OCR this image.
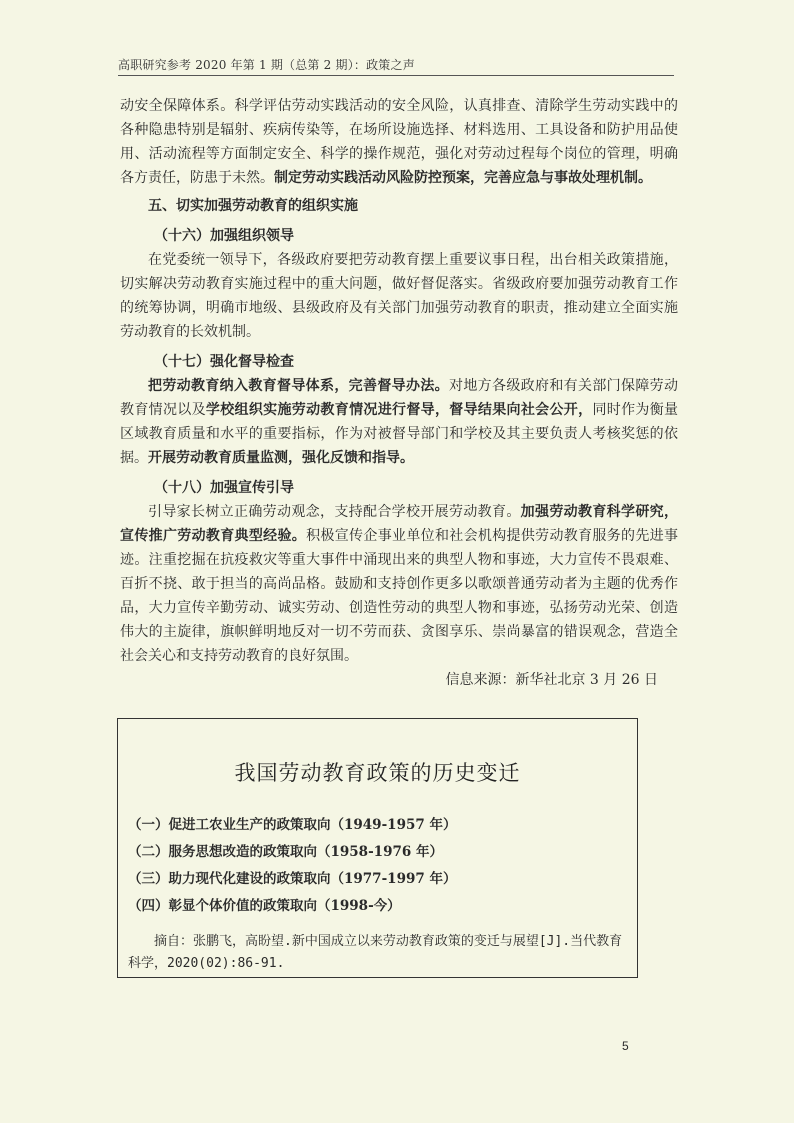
高职研究参考 2020 年第 1 期（总第 2 期）：政策之声

动安全保障体系。科学评估劳动实践活动的安全风险，认真排查、清除学生劳动实践中的各种隐患特别是辐射、疾病传染等，在场所设施选择、材料选用、工具设备和防护用品使用、活动流程等方面制定安全、科学的操作规范，强化对劳动过程每个岗位的管理，明确各方责任，防患于未然。制定劳动实践活动风险防控预案，完善应急与事故处理机制。

五、切实加强劳动教育的组织实施

（十六）加强组织领导

在党委统一领导下，各级政府要把劳动教育摆上重要议事日程，出台相关政策措施，切实解决劳动教育实施过程中的重大问题，做好督促落实。省级政府要加强劳动教育工作的统筹协调，明确市地级、县级政府及有关部门加强劳动教育的职责，推动建立全面实施劳动教育的长效机制。

（十七）强化督导检查

把劳动教育纳入教育督导体系，完善督导办法。对地方各级政府和有关部门保障劳动教育情况以及学校组织实施劳动教育情况进行督导，督导结果向社会公开，同时作为衡量区域教育质量和水平的重要指标，作为对被督导部门和学校及其主要负责人考核奖惩的依据。开展劳动教育质量监测，强化反馈和指导。

（十八）加强宣传引导

引导家长树立正确劳动观念，支持配合学校开展劳动教育。加强劳动教育科学研究，宣传推广劳动教育典型经验。积极宣传企事业单位和社会机构提供劳动教育服务的先进事迹。注重挖掘在抗疫救灾等重大事件中涌现出来的典型人物和事迹，大力宣传不畏艰难、百折不挠、敢于担当的高尚品格。鼓励和支持创作更多以歌颂普通劳动者为主题的优秀作品，大力宣传辛勤劳动、诚实劳动、创造性劳动的典型人物和事迹，弘扬劳动光荣、创造伟大的主旋律，旗帜鲜明地反对一切不劳而获、贪图享乐、崇尚暴富的错误观念，营造全社会关心和支持劳动教育的良好氛围。

信息来源：新华社北京 3 月 26 日

我国劳动教育政策的历史变迁
（一）促进工农业生产的政策取向（1949-1957 年）
（二）服务思想改造的政策取向（1958-1976 年）
（三）助力现代化建设的政策取向（1977-1997 年）
（四）彰显个体价值的政策取向（1998-今）

摘自：张鹏飞，高盼望.新中国成立以来劳动教育政策的变迁与展望[J].当代教育科学，2020(02):86-91.

5
